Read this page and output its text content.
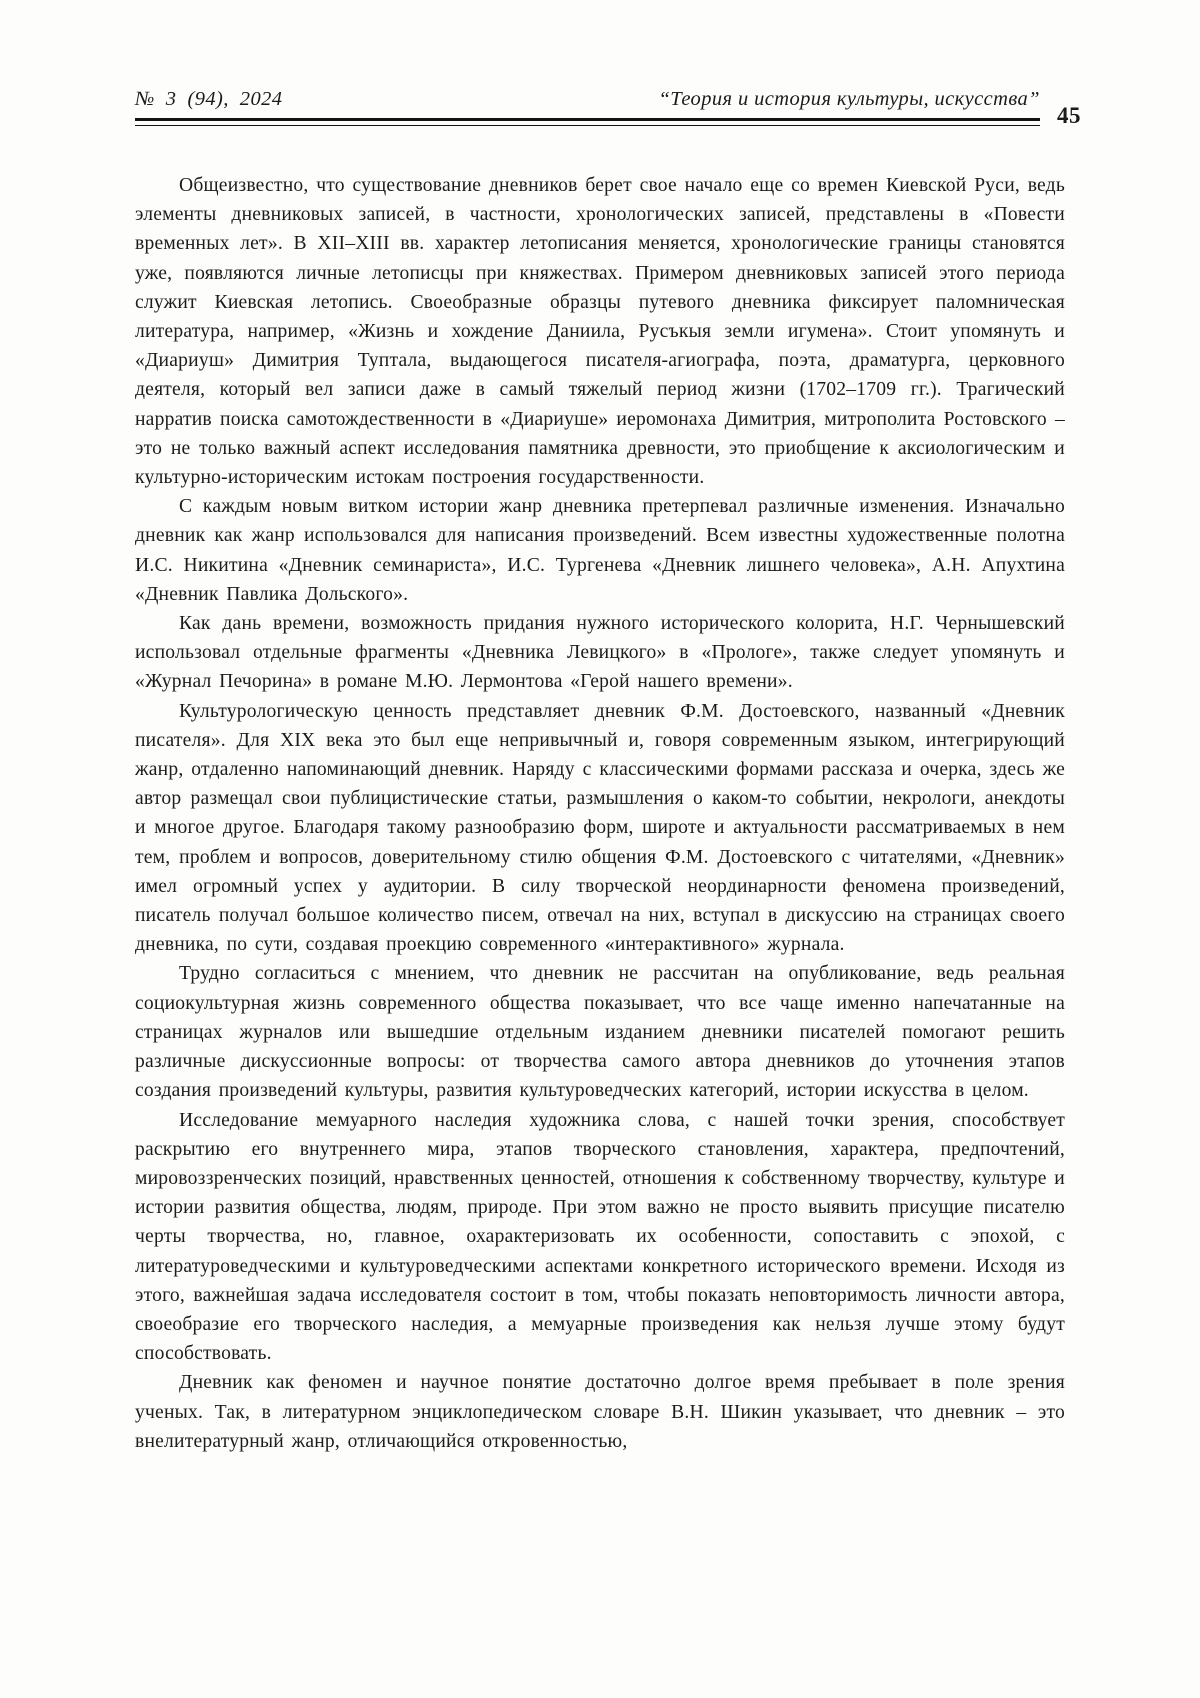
№  3  (94),  2024	“Теория и история культуры, искусства”
45

Общеизвестно, что существование дневников берет свое начало еще со времен Киевской Руси, ведь элементы дневниковых записей, в частности, хронологических записей, представлены в «Повести временных лет». В XII–XIII вв. характер летописания меняется, хронологические границы становятся уже, появляются личные летописцы при княжествах. Примером дневниковых записей этого периода служит Киевская летопись. Своеобразные образцы путевого дневника фиксирует паломническая литература, например, «Жизнь и хождение Даниила, Русъкыя земли игумена». Стоит упомянуть и «Диариуш» Димитрия Туптала, выдающегося писателя-агиографа, поэта, драматурга, церковного деятеля, который вел записи даже в самый тяжелый период жизни (1702–1709 гг.). Трагический нарратив поиска самотождественности в «Диариуше» иеромонаха Димитрия, митрополита Ростовского – это не только важный аспект исследования памятника древности, это приобщение к аксиологическим и культурно-историческим истокам построения государственности.

С каждым новым витком истории жанр дневника претерпевал различные изменения. Изначально дневник как жанр использовался для написания произведений. Всем известны художественные полотна И.С. Никитина «Дневник семинариста», И.С. Тургенева «Дневник лишнего человека», А.Н. Апухтина «Дневник Павлика Дольского».

Как дань времени, возможность придания нужного исторического колорита, Н.Г. Чернышевский использовал отдельные фрагменты «Дневника Левицкого» в «Прологе», также следует упомянуть и «Журнал Печорина» в романе М.Ю. Лермонтова «Герой нашего времени».

Культурологическую ценность представляет дневник Ф.М. Достоевского, названный «Дневник писателя». Для XIX века это был еще непривычный и, говоря современным языком, интегрирующий жанр, отдаленно напоминающий дневник. Наряду с классическими формами рассказа и очерка, здесь же автор размещал свои публицистические статьи, размышления о каком-то событии, некрологи, анекдоты и многое другое. Благодаря такому разнообразию форм, широте и актуальности рассматриваемых в нем тем, проблем и вопросов, доверительному стилю общения Ф.М. Достоевского с читателями, «Дневник» имел огромный успех у аудитории. В силу творческой неординарности феномена произведений, писатель получал большое количество писем, отвечал на них, вступал в дискуссию на страницах своего дневника, по сути, создавая проекцию современного «интерактивного» журнала.

Трудно согласиться с мнением, что дневник не рассчитан на опубликование, ведь реальная социокультурная жизнь современного общества показывает, что все чаще именно напечатанные на страницах журналов или вышедшие отдельным изданием дневники писателей помогают решить различные дискуссионные вопросы: от творчества самого автора дневников до уточнения этапов создания произведений культуры, развития культуроведческих категорий, истории искусства в целом.

Исследование мемуарного наследия художника слова, с нашей точки зрения, способствует раскрытию его внутреннего мира, этапов творческого становления, характера, предпочтений, мировоззренческих позиций, нравственных ценностей, отношения к собственному творчеству, культуре и истории развития общества, людям, природе. При этом важно не просто выявить присущие писателю черты творчества, но, главное, охарактеризовать их особенности, сопоставить с эпохой, с литературоведческими и культуроведческими аспектами конкретного исторического времени. Исходя из этого, важнейшая задача исследователя состоит в том, чтобы показать неповторимость личности автора, своеобразие его творческого наследия, а мемуарные произведения как нельзя лучше этому будут способствовать.

Дневник как феномен и научное понятие достаточно долгое время пребывает в поле зрения ученых. Так, в литературном энциклопедическом словаре В.Н. Шикин указывает, что дневник – это внелитературный жанр, отличающийся откровенностью,
